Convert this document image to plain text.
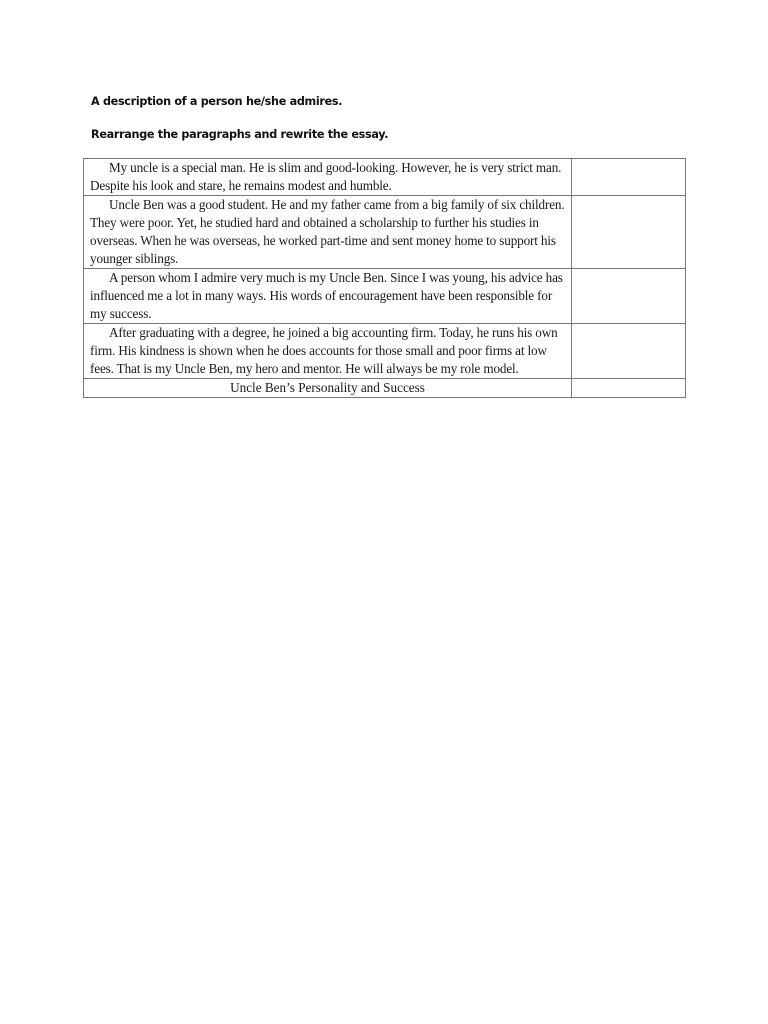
A description of a person he/she admires.
Rearrange the paragraphs and rewrite the essay.
My uncle is a special man. He is slim and good-looking. However, he is very strict man. Despite his look and stare, he remains modest and humble.	

Uncle Ben was a good student. He and my father came from a big family of six children. They were poor. Yet, he studied hard and obtained a scholarship to further his studies in overseas. When he was overseas, he worked part-time and sent money home to support his younger siblings.	

A person whom I admire very much is my Uncle Ben. Since I was young, his advice has influenced me a lot in many ways. His words of encouragement have been responsible for my success.	

After graduating with a degree, he joined a big accounting firm. Today, he runs his own firm. His kindness is shown when he does accounts for those small and poor firms at low fees. That is my Uncle Ben, my hero and mentor. He will always be my role model.	

Uncle Ben’s Personality and Success	
